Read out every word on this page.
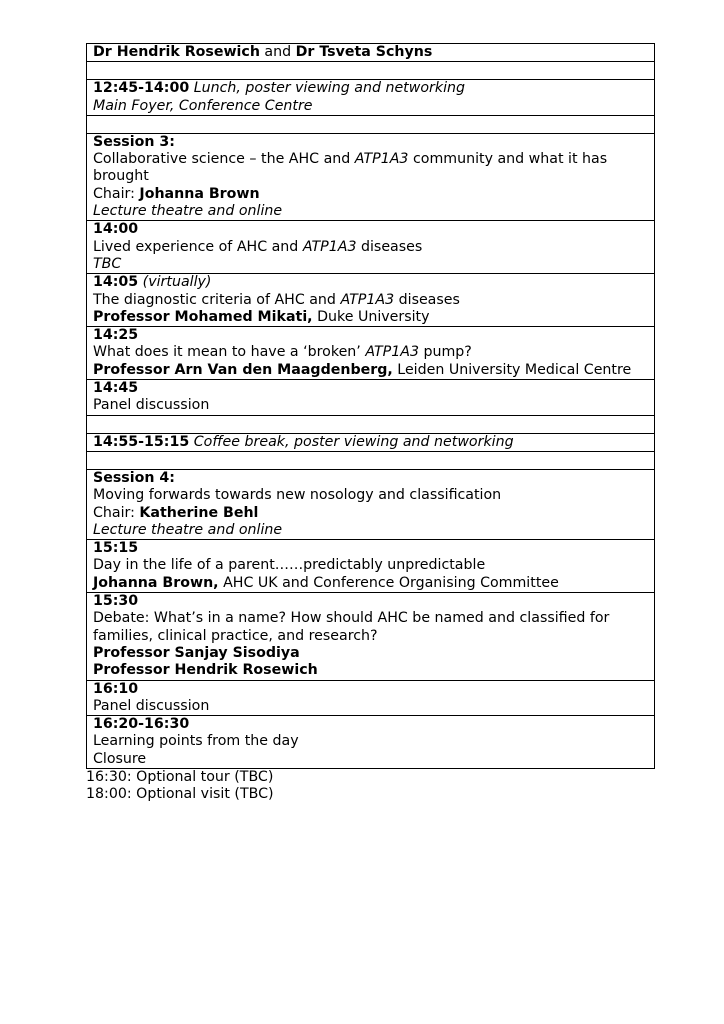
Dr Hendrik Rosewich and Dr Tsveta Schyns

12:45-14:00 Lunch, poster viewing and networking
Main Foyer, Conference Centre

Session 3:
Collaborative science – the AHC and ATP1A3 community and what it has brought
Chair: Johanna Brown
Lecture theatre and online

14:00
Lived experience of AHC and ATP1A3 diseases
TBC

14:05 (virtually)
The diagnostic criteria of AHC and ATP1A3 diseases
Professor Mohamed Mikati, Duke University

14:25
What does it mean to have a ‘broken’ ATP1A3 pump?
Professor Arn Van den Maagdenberg, Leiden University Medical Centre

14:45
Panel discussion

14:55-15:15 Coffee break, poster viewing and networking

Session 4:
Moving forwards towards new nosology and classification
Chair: Katherine Behl
Lecture theatre and online

15:15
Day in the life of a parent……predictably unpredictable
Johanna Brown, AHC UK and Conference Organising Committee

15:30
Debate: What’s in a name? How should AHC be named and classified for families, clinical practice, and research?
Professor Sanjay Sisodiya
Professor Hendrik Rosewich

16:10
Panel discussion

16:20-16:30
Learning points from the day
Closure
16:30: Optional tour (TBC)
18:00: Optional visit (TBC)
